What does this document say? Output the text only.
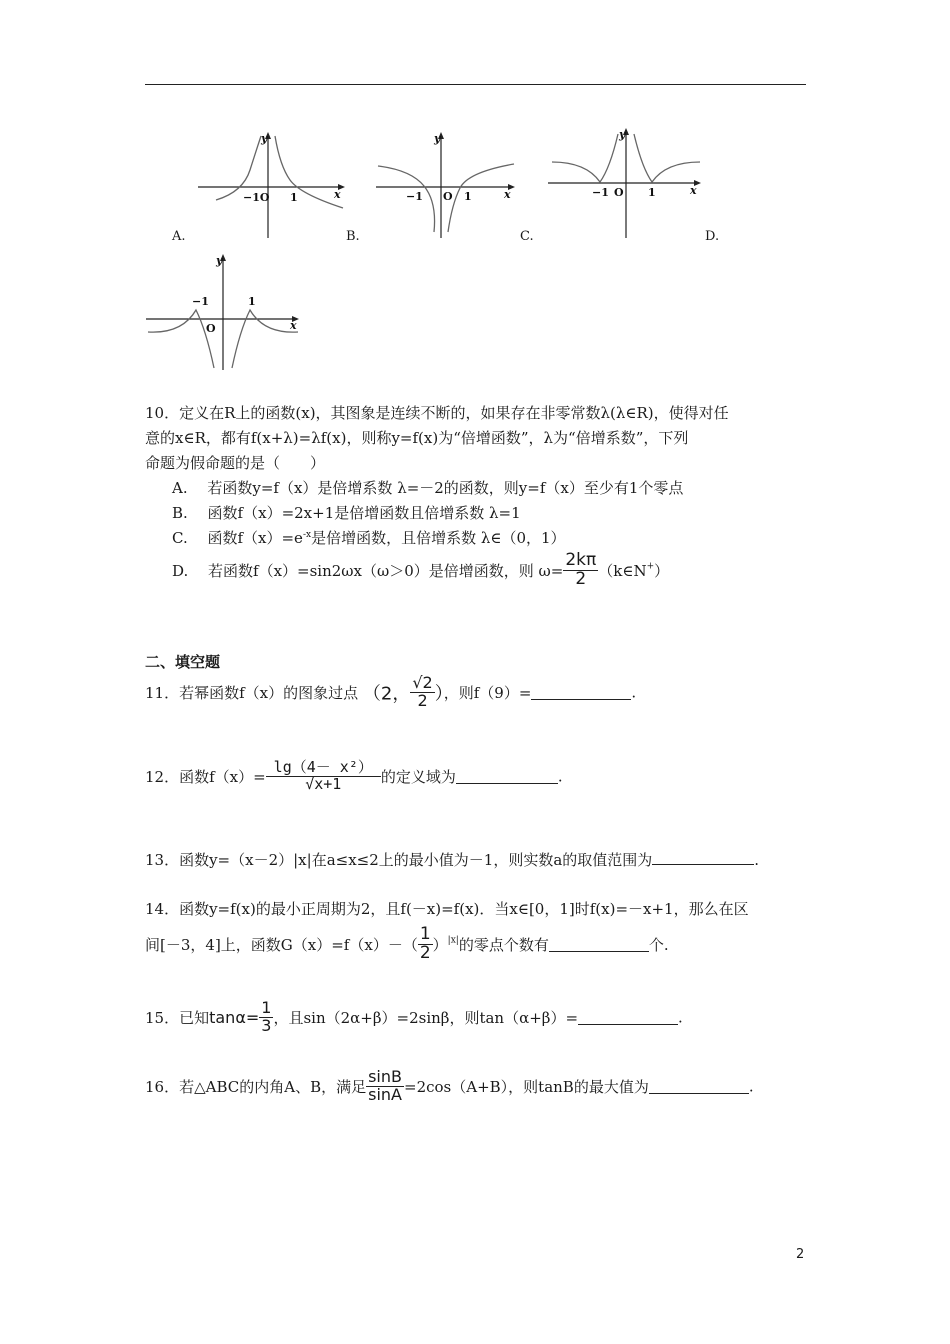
y
x
−1O 1
A.
y
x
−1 O 1
B.
y
x
−1 O 1
C.	D.
y
x
−1	1
O
10．定义在R上的函数(x)，其图象是连续不断的，如果存在非零常数λ(λ∈R)，使得对任
意的x∈R，都有f(x+λ)=λf(x)，则称y=f(x)为“倍增函数”，λ为“倍增系数”，下列
命题为假命题的是（　　）
A.　 若函数y=f（x）是倍增系数 λ=－2的函数，则y=f（x）至少有1个零点
B.　 函数f（x）=2x+1是倍增函数且倍增系数 λ=1
C.　 函数$f(x)=e^{-x}$是倍增函数，且倍增系数 λ∈（0，1）
D.　 若函数f（x）=sin2ωx（ω＞0）是倍增函数，则 $\omega= \frac{2k\pi}{2}$ （k∈N+）
二、填空题
11．若幂函数f（x）的图象过点 （2， $\frac{√2}{2}$ ），则f（9）=	.
12．函数$f(x)= \frac{\text{lg（4－ x²）}}{√x+1}$ 的定义域为	.
13．函数y=（x－2）|x|在a≤x≤2上的最小值为－1，则实数a的取值范围为	.
14．函数y=f(x)的最小正周期为2，且f(－x)=f(x)．当x∈[0，1]时f(x)=－x+1，那么在区
间[－3，4]上，函数$G(x)=f(x)-( \frac{1}{2} )^{|x|}$的零点个数有	个.
15．已知$\tan\alpha= \frac{1}{3}$ ，且sin（2α+β）=2sinβ，则tan（α+β）=	.
16．若△ABC的内角A、B，满足 $\frac{\sin B}{\sin A} =2\cos(A+B)$，则tanB的最大值为	.
2
